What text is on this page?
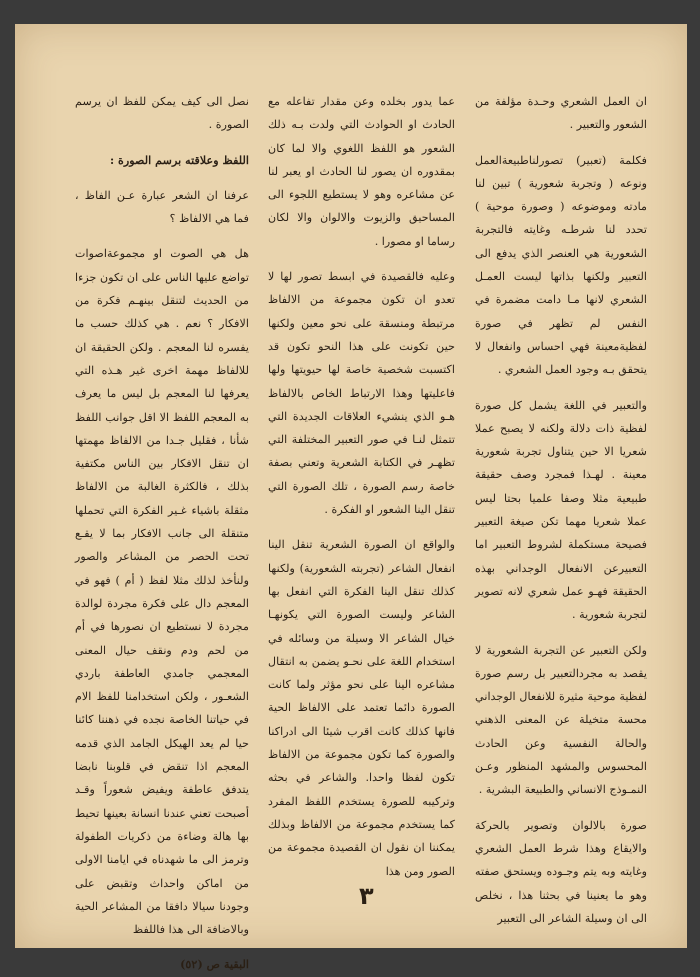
ان العمل الشعري وحـدة مؤلفة من الشعور والتعبير .

فكلمة (تعبير) تصورلناطبيعةالعمل ونوعه ( وتجربة شعورية ) تبين لنا مادته وموضوعه ( وصورة موحية ) تحدد لنا شرطـه وغايته فالتجربة الشعورية هي العنصر الذي يدفع الى التعبير ولكنها بذاتها ليست العمـل الشعري لانها مـا دامت مضمرة في النفس لم تظهر في صورة لفظيةمعينة فهي احساس وانفعال لا يتحقق بـه وجود العمل الشعري .

والتعبير في اللغة يشمل كل صورة لفظية ذات دلالة ولكنه لا يصبح عملا شعريا الا حين يتناول تجربة شعورية معينة . لهـذا فمجرد وصف حقيقة طبيعية مثلا وصفا علميا بحتا ليس عملا شعريا مهما تكن صيغة التعبير فصيحة مستكملة لشروط التعبير اما التعبيرعن الانفعال الوجداني بهذه الحقيقة فهـو عمل شعري لانه تصوير لتجربة شعورية .

ولكن التعبير عن التجربة الشعورية لا يقصد به مجردالتعبير بل رسم صورة لفظية موحية مثيرة للانفعال الوجداني محسة متخيلة عن المعنى الذهني والحالة النفسية وعن الحادث المحسوس والمشهد المنظور وعـن النمـوذج الانساني والطبيعة البشرية .

صورة بالالوان وتصوير بالحركة والايقاع وهذا شرط العمل الشعري وغايته وبه يتم وجـوده ويستحق صفته وهو ما يعنينا في بحثنا هذا ، نخلص الى ان وسيلة الشاعر الى التعبير

عما يدور بخلده وعن مقدار تفاعله مع الحادث او الحوادث التي ولدت بـه ذلك الشعور هو اللفظ اللغوي والا لما كان بمقدوره ان يصور لنا الحادث او يعبر لنا عن مشاعره وهو لا يستطيع اللجوء الى المساحيق والزيوت والالوان والا لكان رساما او مصورا .

وعليه فالقصيدة في ابسط تصور لها لا تعدو ان تكون مجموعة من الالفاظ مرتبطة ومنسقة على نحو معين ولكنها حين تكونت على هذا النحو تكون قد اكتسبت شخصية خاصة لها حيويتها ولها فاعليتها وهذا الارتباط الخاص بالالفاظ هـو الذي ينشيء العلاقات الجديدة التي تتمثل لنـا في صور التعبير المختلفة التي تظهـر في الكتابة الشعرية وتعني بصفة خاصة رسم الصورة ، تلك الصورة التي تنقل الينا الشعور او الفكرة .

والواقع ان الصورة الشعرية تنقل الينا انفعال الشاعر (تجربته الشعورية) ولكنها كذلك تنقل الينا الفكرة التي انفعل بها الشاعر وليست الصورة التي يكونهـا خيال الشاعر الا وسيلة من وسائله في استخدام اللغة على نحـو يضمن به انتقال مشاعره الينا على نحو مؤثر ولما كانت الصورة دائما تعتمد على الالفاظ الحية فانها كذلك كانت اقرب شيئا الى ادراكنا والصورة كما تكون مجموعة من الالفاظ تكون لفظا واحدا. والشاعر في بحثه وتركيبه للصورة يستخدم اللفظ المفرد كما يستخدم مجموعة من الالفاظ وبذلك يمكننا ان نقول ان القصيدة مجموعة من الصور ومن هذا

نصل الى كيف يمكن للفظ ان يرسم الصورة .

اللفظ وعلاقته برسم الصورة :

عرفنا ان الشعر عبارة عـن الفاظ ، فما هي الالفاظ ؟

هل هي الصوت او مجموعةاصوات تواضع عليها الناس على ان تكون جزءا من الحديث لتنقل بينهـم فكرة من الافكار ؟ نعم . هي كذلك حسب ما يفسره لنا المعجم . ولكن الحقيقة ان للالفاظ مهمة اخرى غير هـذه التي يعرفها لنا المعجم بل ليس ما يعرف به المعجم اللفظ الا اقل جوانب اللفظ شأنا ، فقليل جـدا من الالفاظ مهمتها ان تنقل الافكار بين الناس مكتفية بذلك ، فالكثرة الغالبة من الالفاظ مثقلة باشياء غـير الفكرة التي تحملها متنقلة الى جانب الافكار بما لا يقـع تحت الحصر من المشاعر والصور ولنأخذ لذلك مثلا لفظ ( أم ) فهو في المعجم دال على فكرة مجردة لوالدة مجردة لا نستطيع ان نصورها في أم من لحم ودم ونقف حيال المعنى المعجمي جامدي العاطفة باردي الشعـور ، ولكن استخدامنا للفظ الام في حياتنا الخاصة نجده في ذهننا كائنا حيا لم يعد الهيكل الجامد الذي قدمه المعجم اذا تنقض في قلوبنا نابضا يتدفق عاطفة ويفيض شعوراً وقـد أصبحت تعني عندنا انسانة بعينها تحيط بها هالة وضاءة من ذكريات الطفولة وترمز الى ما شهدناه في ايامنا الاولى من اماكن واحداث وتقبض على وجودنا سيالا دافقا من المشاعر الحية وبالاضافة الى هذا فاللفظ

البقية ص (٥٢)
٣
